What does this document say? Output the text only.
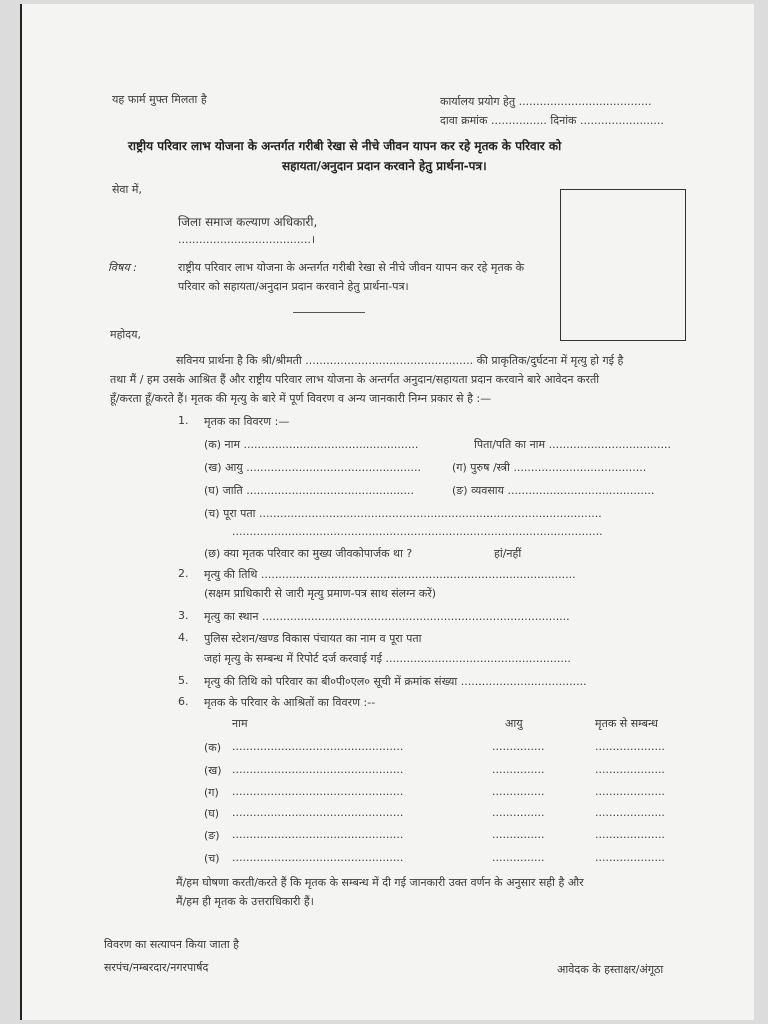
यह फार्म मुफ्त मिलता है	कार्यालय प्रयोग हेतु ......................................
दावा क्रमांक ................ दिनांक ........................
राष्ट्रीय परिवार लाभ योजना के अन्तर्गत गरीबी रेखा से नीचे जीवन यापन कर रहे मृतक के परिवार को
सहायता/अनुदान प्रदान करवाने हेतु प्रार्थना-पत्र।
सेवा में,
जिला समाज कल्याण अधिकारी,
......................................।
विषय :	राष्ट्रीय परिवार लाभ योजना के अन्तर्गत गरीबी रेखा से नीचे जीवन यापन कर रहे मृतक के
परिवार को सहायता/अनुदान प्रदान करवाने हेतु प्रार्थना-पत्र।
महोदय,
सविनय प्रार्थना है कि श्री/श्रीमती ................................................ की प्राकृतिक/दुर्घटना में मृत्यु हो गई है
तथा मैं / हम उसके आश्रित हैं और राष्ट्रीय परिवार लाभ योजना के अन्तर्गत अनुदान/सहायता प्रदान करवाने बारे आवेदन करती
हूँ/करता हूँ/करते हैं। मृतक की मृत्यु के बारे में पूर्ण विवरण व अन्य जानकारी निम्न प्रकार से है :—
1. मृतक का विवरण :—
(क) नाम ..................................................	पिता/पति का नाम ...................................
(ख) आयु ..................................................	(ग) पुरुष /स्त्री ......................................
(घ) जाति ................................................	(ङ) व्यवसाय ..........................................
(च) पूरा पता ..................................................................................................
..........................................................................................................
(छ) क्या मृतक परिवार का मुख्य जीवकोपार्जक था ?	हां/नहीं
2. मृत्यु की तिथि ..........................................................................................
(सक्षम प्राधिकारी से जारी मृत्यु प्रमाण-पत्र साथ संलग्न करें)
3. मृत्यु का स्थान ........................................................................................
4. पुलिस स्टेशन/खण्ड विकास पंचायत का नाम व पूरा पता
जहां मृत्यु के सम्बन्ध में रिपोर्ट दर्ज करवाई गई .....................................................
5. मृत्यु की तिथि को परिवार का बी०पी०एल० सूची में क्रमांक संख्या ....................................
6. मृतक के परिवार के आश्रितों का विवरण :--
नाम	आयु	मृतक से सम्बन्ध
(क) .................................................	...............	....................
(ख) .................................................	...............	....................
(ग) .................................................	...............	....................
(घ) .................................................	...............	....................
(ङ) .................................................	...............	....................
(च) .................................................	...............	....................
मैं/हम घोषणा करती/करते हैं कि मृतक के सम्बन्ध में दी गई जानकारी उक्त वर्णन के अनुसार सही है और
मैं/हम ही मृतक के उत्तराधिकारी हैं।
विवरण का सत्यापन किया जाता है
सरपंच/नम्बरदार/नगरपार्षद	आवेदक के हस्ताक्षर/अंगूठा
